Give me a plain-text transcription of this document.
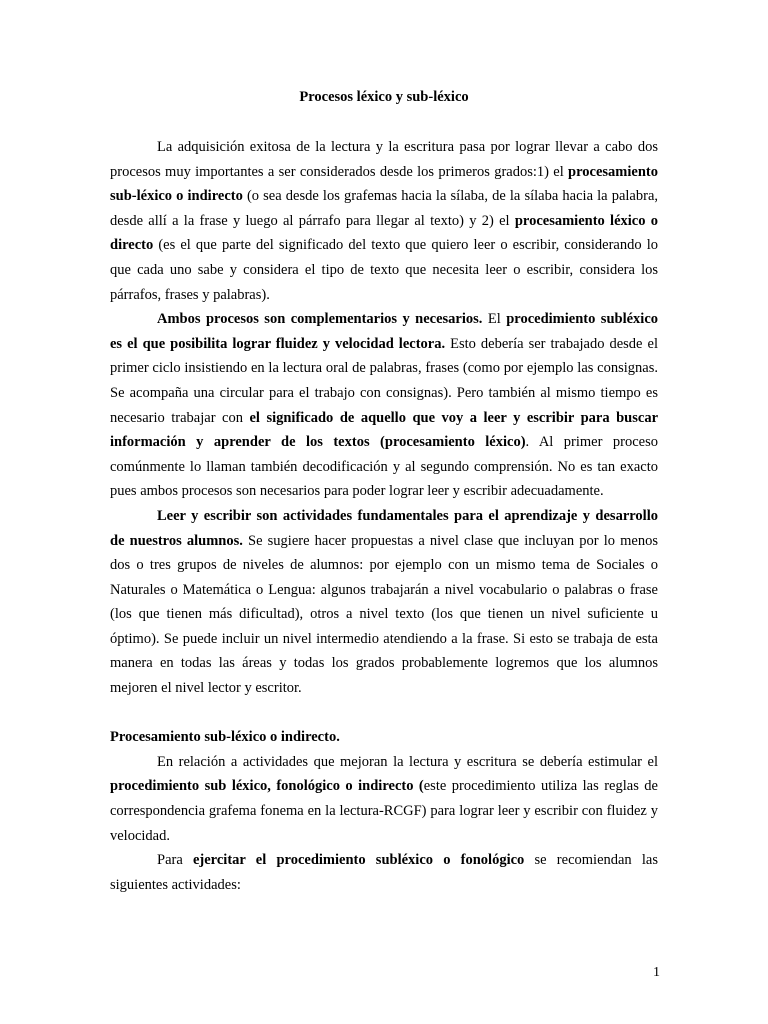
Procesos léxico y sub-léxico

La adquisición exitosa de la lectura y la escritura pasa por lograr llevar a cabo dos procesos muy importantes a ser considerados desde los primeros grados:1) el procesamiento sub-léxico o indirecto (o sea desde los grafemas hacia la sílaba, de la sílaba hacia la palabra, desde allí a la frase y luego al párrafo para llegar al texto) y 2) el procesamiento léxico o directo (es el que parte del significado del texto que quiero leer o escribir, considerando lo que cada uno sabe y considera el tipo de texto que necesita leer o escribir, considera los párrafos, frases y palabras).

Ambos procesos son complementarios y necesarios. El procedimiento subléxico es el que posibilita lograr fluidez y velocidad lectora. Esto debería ser trabajado desde el primer ciclo insistiendo en la lectura oral de palabras, frases (como por ejemplo las consignas. Se acompaña una circular para el trabajo con consignas). Pero también al mismo tiempo es necesario trabajar con el significado de aquello que voy a leer y escribir para buscar información y aprender de los textos (procesamiento léxico). Al primer proceso comúnmente lo llaman también decodificación y al segundo comprensión. No es tan exacto pues ambos procesos son necesarios para poder lograr leer y escribir adecuadamente.

Leer y escribir son actividades fundamentales para el aprendizaje y desarrollo de nuestros alumnos. Se sugiere hacer propuestas a nivel clase que incluyan por lo menos dos o tres grupos de niveles de alumnos: por ejemplo con un mismo tema de Sociales o Naturales o Matemática o Lengua: algunos trabajarán a nivel vocabulario o palabras o frase (los que tienen más dificultad), otros a nivel texto (los que tienen un nivel suficiente u óptimo). Se puede incluir un nivel intermedio atendiendo a la frase. Si esto se trabaja de esta manera en todas las áreas y todas los grados probablemente logremos que los alumnos mejoren el nivel lector y escritor.

Procesamiento sub-léxico o indirecto.

En relación a actividades que mejoran la lectura y escritura se debería estimular el procedimiento sub léxico, fonológico o indirecto (este procedimiento utiliza las reglas de correspondencia grafema fonema en la lectura-RCGF) para lograr leer y escribir con fluidez y velocidad.

Para ejercitar el procedimiento subléxico o fonológico se recomiendan las siguientes actividades:

1
